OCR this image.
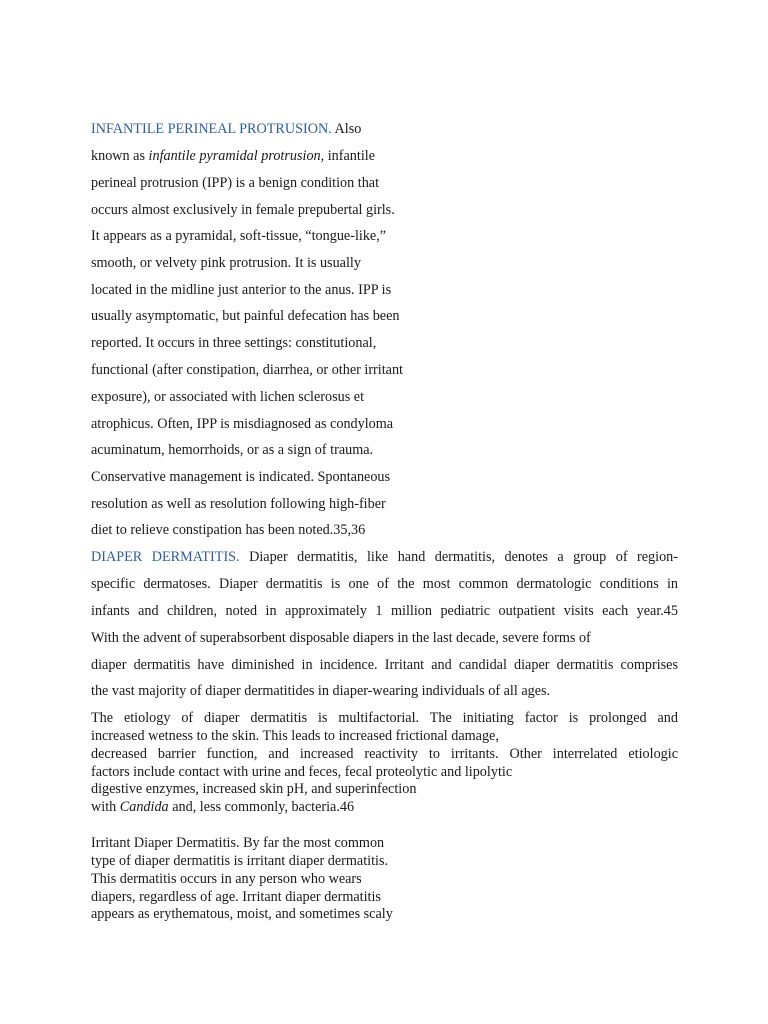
INFANTILE PERINEAL PROTRUSION. Also
known as infantile pyramidal protrusion, infantile
perineal protrusion (IPP) is a benign condition that
occurs almost exclusively in female prepubertal girls.
It appears as a pyramidal, soft-tissue, “tongue-like,”
smooth, or velvety pink protrusion. It is usually
located in the midline just anterior to the anus. IPP is
usually asymptomatic, but painful defecation has been
reported. It occurs in three settings: constitutional,
functional (after constipation, diarrhea, or other irritant
exposure), or associated with lichen sclerosus et
atrophicus. Often, IPP is misdiagnosed as condyloma
acuminatum, hemorrhoids, or as a sign of trauma.
Conservative management is indicated. Spontaneous
resolution as well as resolution following high-fiber
diet to relieve constipation has been noted.35,36
DIAPER DERMATITIS. Diaper dermatitis, like hand dermatitis, denotes a group of region-
specific dermatoses. Diaper dermatitis is one of the most common dermatologic conditions in
infants and children, noted in approximately 1 million pediatric outpatient visits each year.45
With the advent of superabsorbent disposable diapers in the last decade, severe forms of
diaper dermatitis have diminished in incidence. Irritant and candidal diaper dermatitis comprises
the vast majority of diaper dermatitides in diaper-wearing individuals of all ages.
The etiology of diaper dermatitis is multifactorial. The initiating factor is prolonged and
increased wetness to the skin. This leads to increased frictional damage,
decreased barrier function, and increased reactivity to irritants. Other interrelated etiologic
factors include contact with urine and feces, fecal proteolytic and lipolytic
digestive enzymes, increased skin pH, and superinfection
with Candida and, less commonly, bacteria.46
Irritant Diaper Dermatitis. By far the most common
type of diaper dermatitis is irritant diaper dermatitis.
This dermatitis occurs in any person who wears
diapers, regardless of age. Irritant diaper dermatitis
appears as erythematous, moist, and sometimes scaly
